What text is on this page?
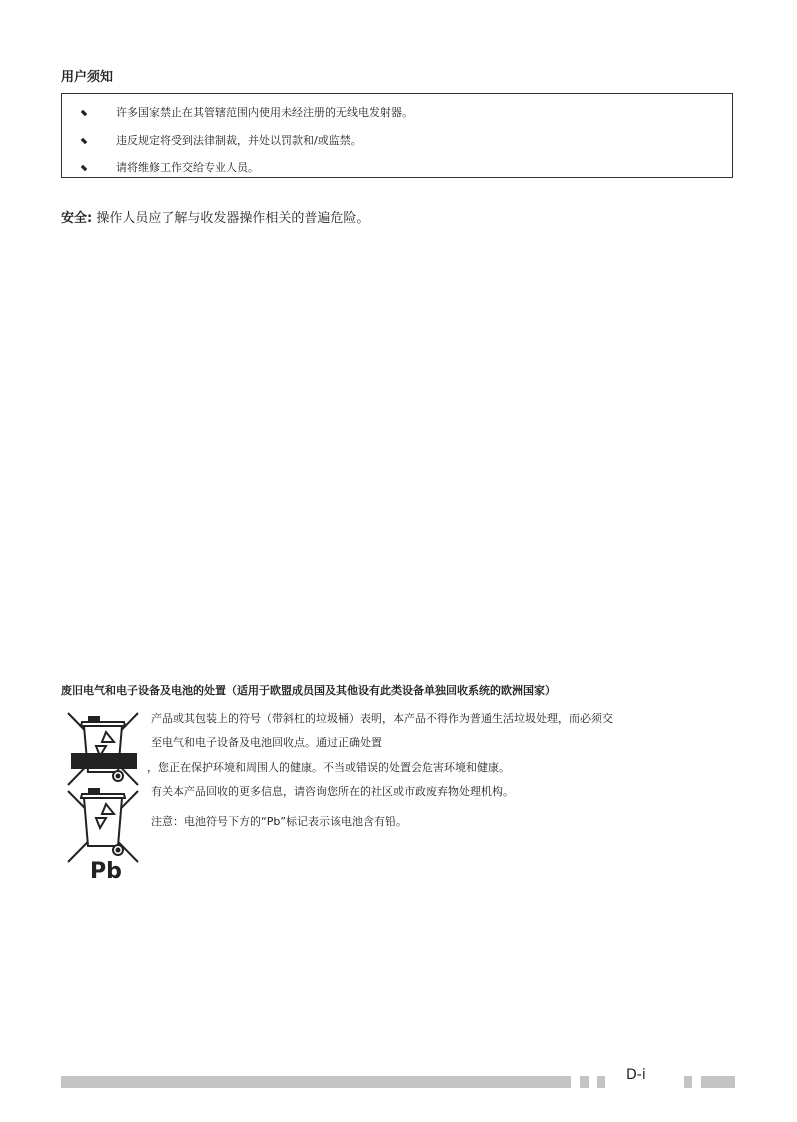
用户须知
许多国家禁止在其管辖范围内使用未经注册的无线电发射器。
违反规定将受到法律制裁，并处以罚款和/或监禁。
请将维修工作交给专业人员。
安全: 操作人员应了解与收发器操作相关的普遍危险。
废旧电气和电子设备及电池的处置（适用于欧盟成员国及其他设有此类设备单独回收系统的欧洲国家）
Pb
产品或其包装上的符号（带斜杠的垃圾桶）表明，本产品不得作为普通生活垃圾处理，而必须交
至电气和电子设备及电池回收点。通过正确处置
，您正在保护环境和周围人的健康。不当或错误的处置会危害环境和健康。
有关本产品回收的更多信息，请咨询您所在的社区或市政废弃物处理机构。
注意：电池符号下方的“Pb”标记表示该电池含有铅。
D-i
